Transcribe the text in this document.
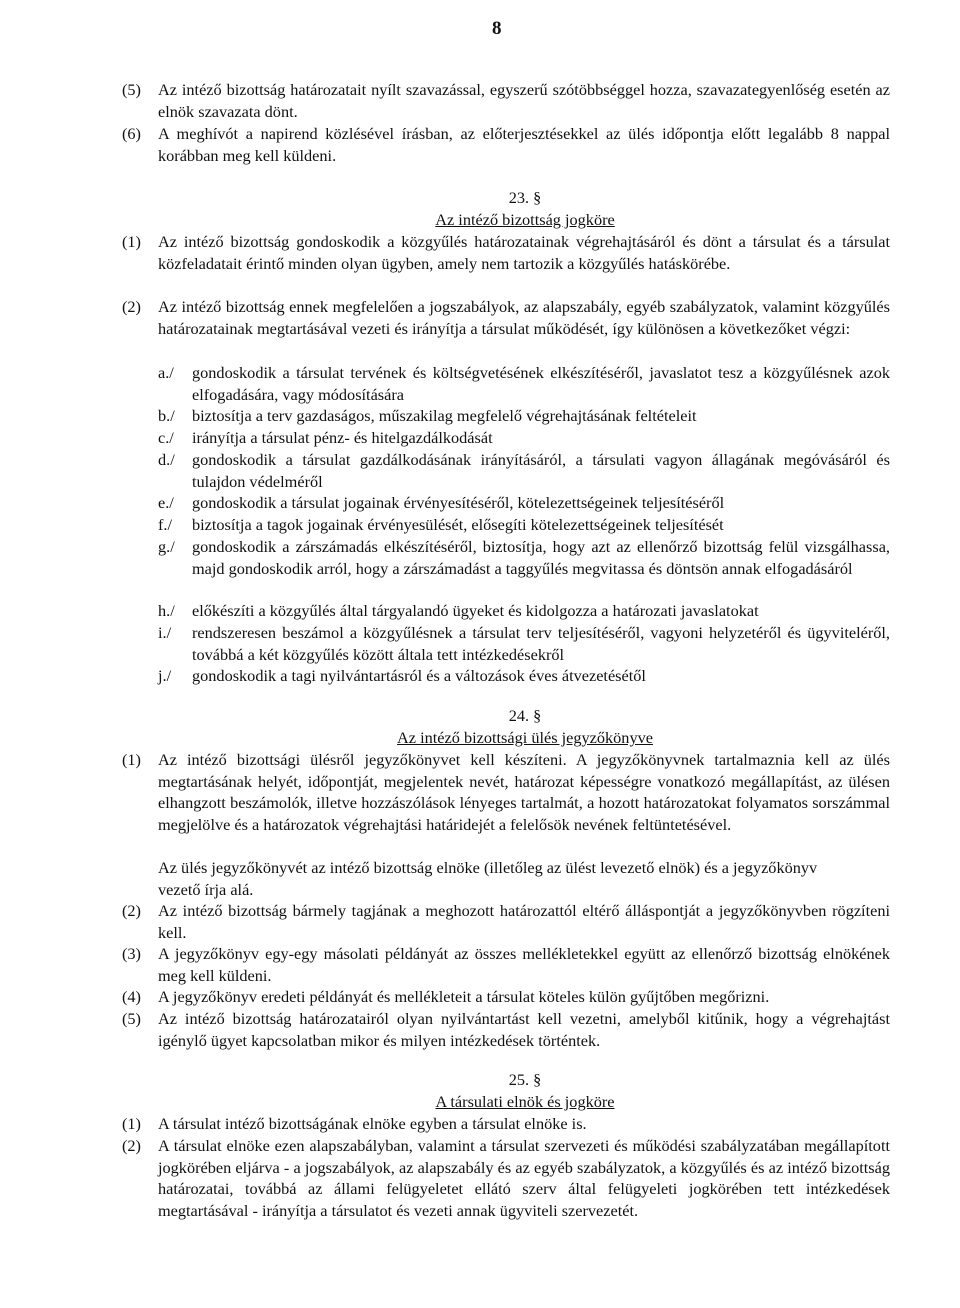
8
(5) Az intéző bizottság határozatait nyílt szavazással, egyszerű szótöbbséggel hozza, szavazategyenlőség esetén az elnök szavazata dönt.
(6) A meghívót a napirend közlésével írásban, az előterjesztésekkel az ülés időpontja előtt legalább 8 nappal korábban meg kell küldeni.
23. §
Az intéző bizottság jogköre
(1) Az intéző bizottság gondoskodik a közgyűlés határozatainak végrehajtásáról és dönt a társulat és a társulat közfeladatait érintő minden olyan ügyben, amely nem tartozik a közgyűlés hatáskörébe.
(2) Az intéző bizottság ennek megfelelően a jogszabályok, az alapszabály, egyéb szabályzatok, valamint közgyűlés határozatainak megtartásával vezeti és irányítja a társulat működését, így különösen a következőket végzi:
a./ gondoskodik a társulat tervének és költségvetésének elkészítéséről, javaslatot tesz a közgyűlésnek azok elfogadására, vagy módosítására
b./ biztosítja a terv gazdaságos, műszakilag megfelelő végrehajtásának feltételeit
c./ irányítja a társulat pénz- és hitelgazdálkodását
d./ gondoskodik a társulat gazdálkodásának irányításáról, a társulati vagyon állagának megóvásáról és tulajdon védelméről
e./ gondoskodik a társulat jogainak érvényesítéséről, kötelezettségeinek teljesítéséről
f./ biztosítja a tagok jogainak érvényesülését, elősegíti kötelezettségeinek teljesítését
g./ gondoskodik a zárszámadás elkészítéséről, biztosítja, hogy azt az ellenőrző bizottság felül vizsgálhassa, majd gondoskodik arról, hogy a zárszámadást a taggyűlés megvitassa és döntsön annak elfogadásáról
h./ előkészíti a közgyűlés által tárgyalandó ügyeket és kidolgozza a határozati javaslatokat
i./ rendszeresen beszámol a közgyűlésnek a társulat terv teljesítéséről, vagyoni helyzetéről és ügyviteléről, továbbá a két közgyűlés között általa tett intézkedésekről
j./ gondoskodik a tagi nyilvántartásról és a változások éves átvezetésétől
24. §
Az intéző bizottsági ülés jegyzőkönyve
(1) Az intéző bizottsági ülésről jegyzőkönyvet kell készíteni. A jegyzőkönyvnek tartalmaznia kell az ülés megtartásának helyét, időpontját, megjelentek nevét, határozat képességre vonatkozó megállapítást, az ülésen elhangzott beszámolók, illetve hozzászólások lényeges tartalmát, a hozott határozatokat folyamatos sorszámmal megjelölve és a határozatok végrehajtási határidejét a felelősök nevének feltüntetésével.
Az ülés jegyzőkönyvét az intéző bizottság elnöke (illetőleg az ülést levezető elnök) és a jegyzőkönyv vezető írja alá.
(2) Az intéző bizottság bármely tagjának a meghozott határozattól eltérő álláspontját a jegyzőkönyvben rögzíteni kell.
(3) A jegyzőkönyv egy-egy másolati példányát az összes mellékletekkel együtt az ellenőrző bizottság elnökének meg kell küldeni.
(4) A jegyzőkönyv eredeti példányát és mellékleteit a társulat köteles külön gyűjtőben megőrizni.
(5) Az intéző bizottság határozatairól olyan nyilvántartást kell vezetni, amelyből kitűnik, hogy a végrehajtást igénylő ügyet kapcsolatban mikor és milyen intézkedések történtek.
25. §
A társulati elnök és jogköre
(1) A társulat intéző bizottságának elnöke egyben a társulat elnöke is.
(2) A társulat elnöke ezen alapszabályban, valamint a társulat szervezeti és működési szabályzatában megállapított jogkörében eljárva - a jogszabályok, az alapszabály és az egyéb szabályzatok, a közgyűlés és az intéző bizottság határozatai, továbbá az állami felügyeletet ellátó szerv által felügyeleti jogkörében tett intézkedések megtartásával - irányítja a társulatot és vezeti annak ügyviteli szervezetét.
